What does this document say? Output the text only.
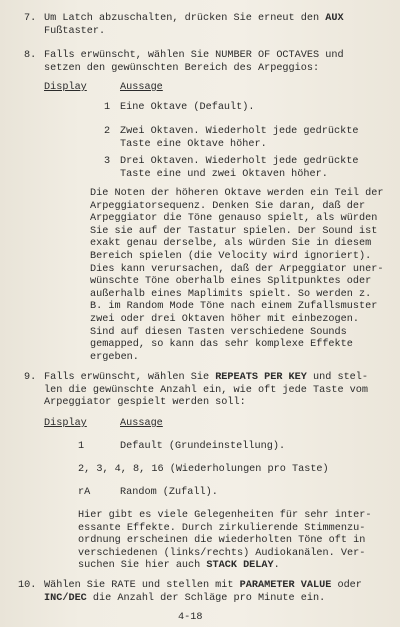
7. Um Latch abzuschalten, drücken Sie erneut den AUX
Fußtaster.
8. Falls erwünscht, wählen Sie NUMBER OF OCTAVES und
setzen den gewünschten Bereich des Arpeggios:
Display	Aussage
1 Eine Oktave (Default).
2 Zwei Oktaven. Wiederholt jede gedrückte
Taste eine Oktave höher.
3 Drei Oktaven. Wiederholt jede gedrückte
Taste eine und zwei Oktaven höher.
Die Noten der höheren Oktave werden ein Teil der
Arpeggiatorsequenz. Denken Sie daran, daß der
Arpeggiator die Töne genauso spielt, als würden
Sie sie auf der Tastatur spielen. Der Sound ist
exakt genau derselbe, als würden Sie in diesem
Bereich spielen (die Velocity wird ignoriert).
Dies kann verursachen, daß der Arpeggiator uner-
wünschte Töne oberhalb eines Splitpunktes oder
außerhalb eines Maplimits spielt. So werden z.
B. im Random Mode Töne nach einem Zufallsmuster
zwei oder drei Oktaven höher mit einbezogen.
Sind auf diesen Tasten verschiedene Sounds
gemapped, so kann das sehr komplexe Effekte
ergeben.
9. Falls erwünscht, wählen Sie REPEATS PER KEY und stel-
len die gewünschte Anzahl ein, wie oft jede Taste vom
Arpeggiator gespielt werden soll:
Display	Aussage
1	Default (Grundeinstellung).
2, 3, 4, 8, 16 (Wiederholungen pro Taste)
rA	Random (Zufall).
Hier gibt es viele Gelegenheiten für sehr inter-
essante Effekte. Durch zirkulierende Stimmenzu-
ordnung erscheinen die wiederholten Töne oft in
verschiedenen (links/rechts) Audiokanälen. Ver-
suchen Sie hier auch STACK DELAY.
10. Wählen Sie RATE und stellen mit PARAMETER VALUE oder
INC/DEC die Anzahl der Schläge pro Minute ein.
4-18
